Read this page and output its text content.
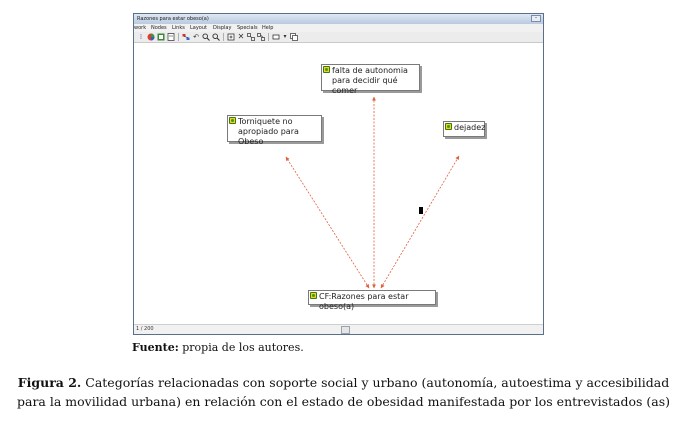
Razones para estar obeso(a)	–
work Nodes Links Layout Display Specials Help
⁞	↶	✕	▾
falta de autonomia
para decidir qué comer
Torniquete no
apropiado para Obeso
dejadez
CF:Razones para estar obeso(a)
1 / 200
Fuente: propia de los autores.
Figura 2. Categorías relacionadas con soporte social y urbano (autonomía, autoestima y accesibilidad
para la movilidad urbana) en relación con el estado de obesidad manifestada por los entrevistados (as)
